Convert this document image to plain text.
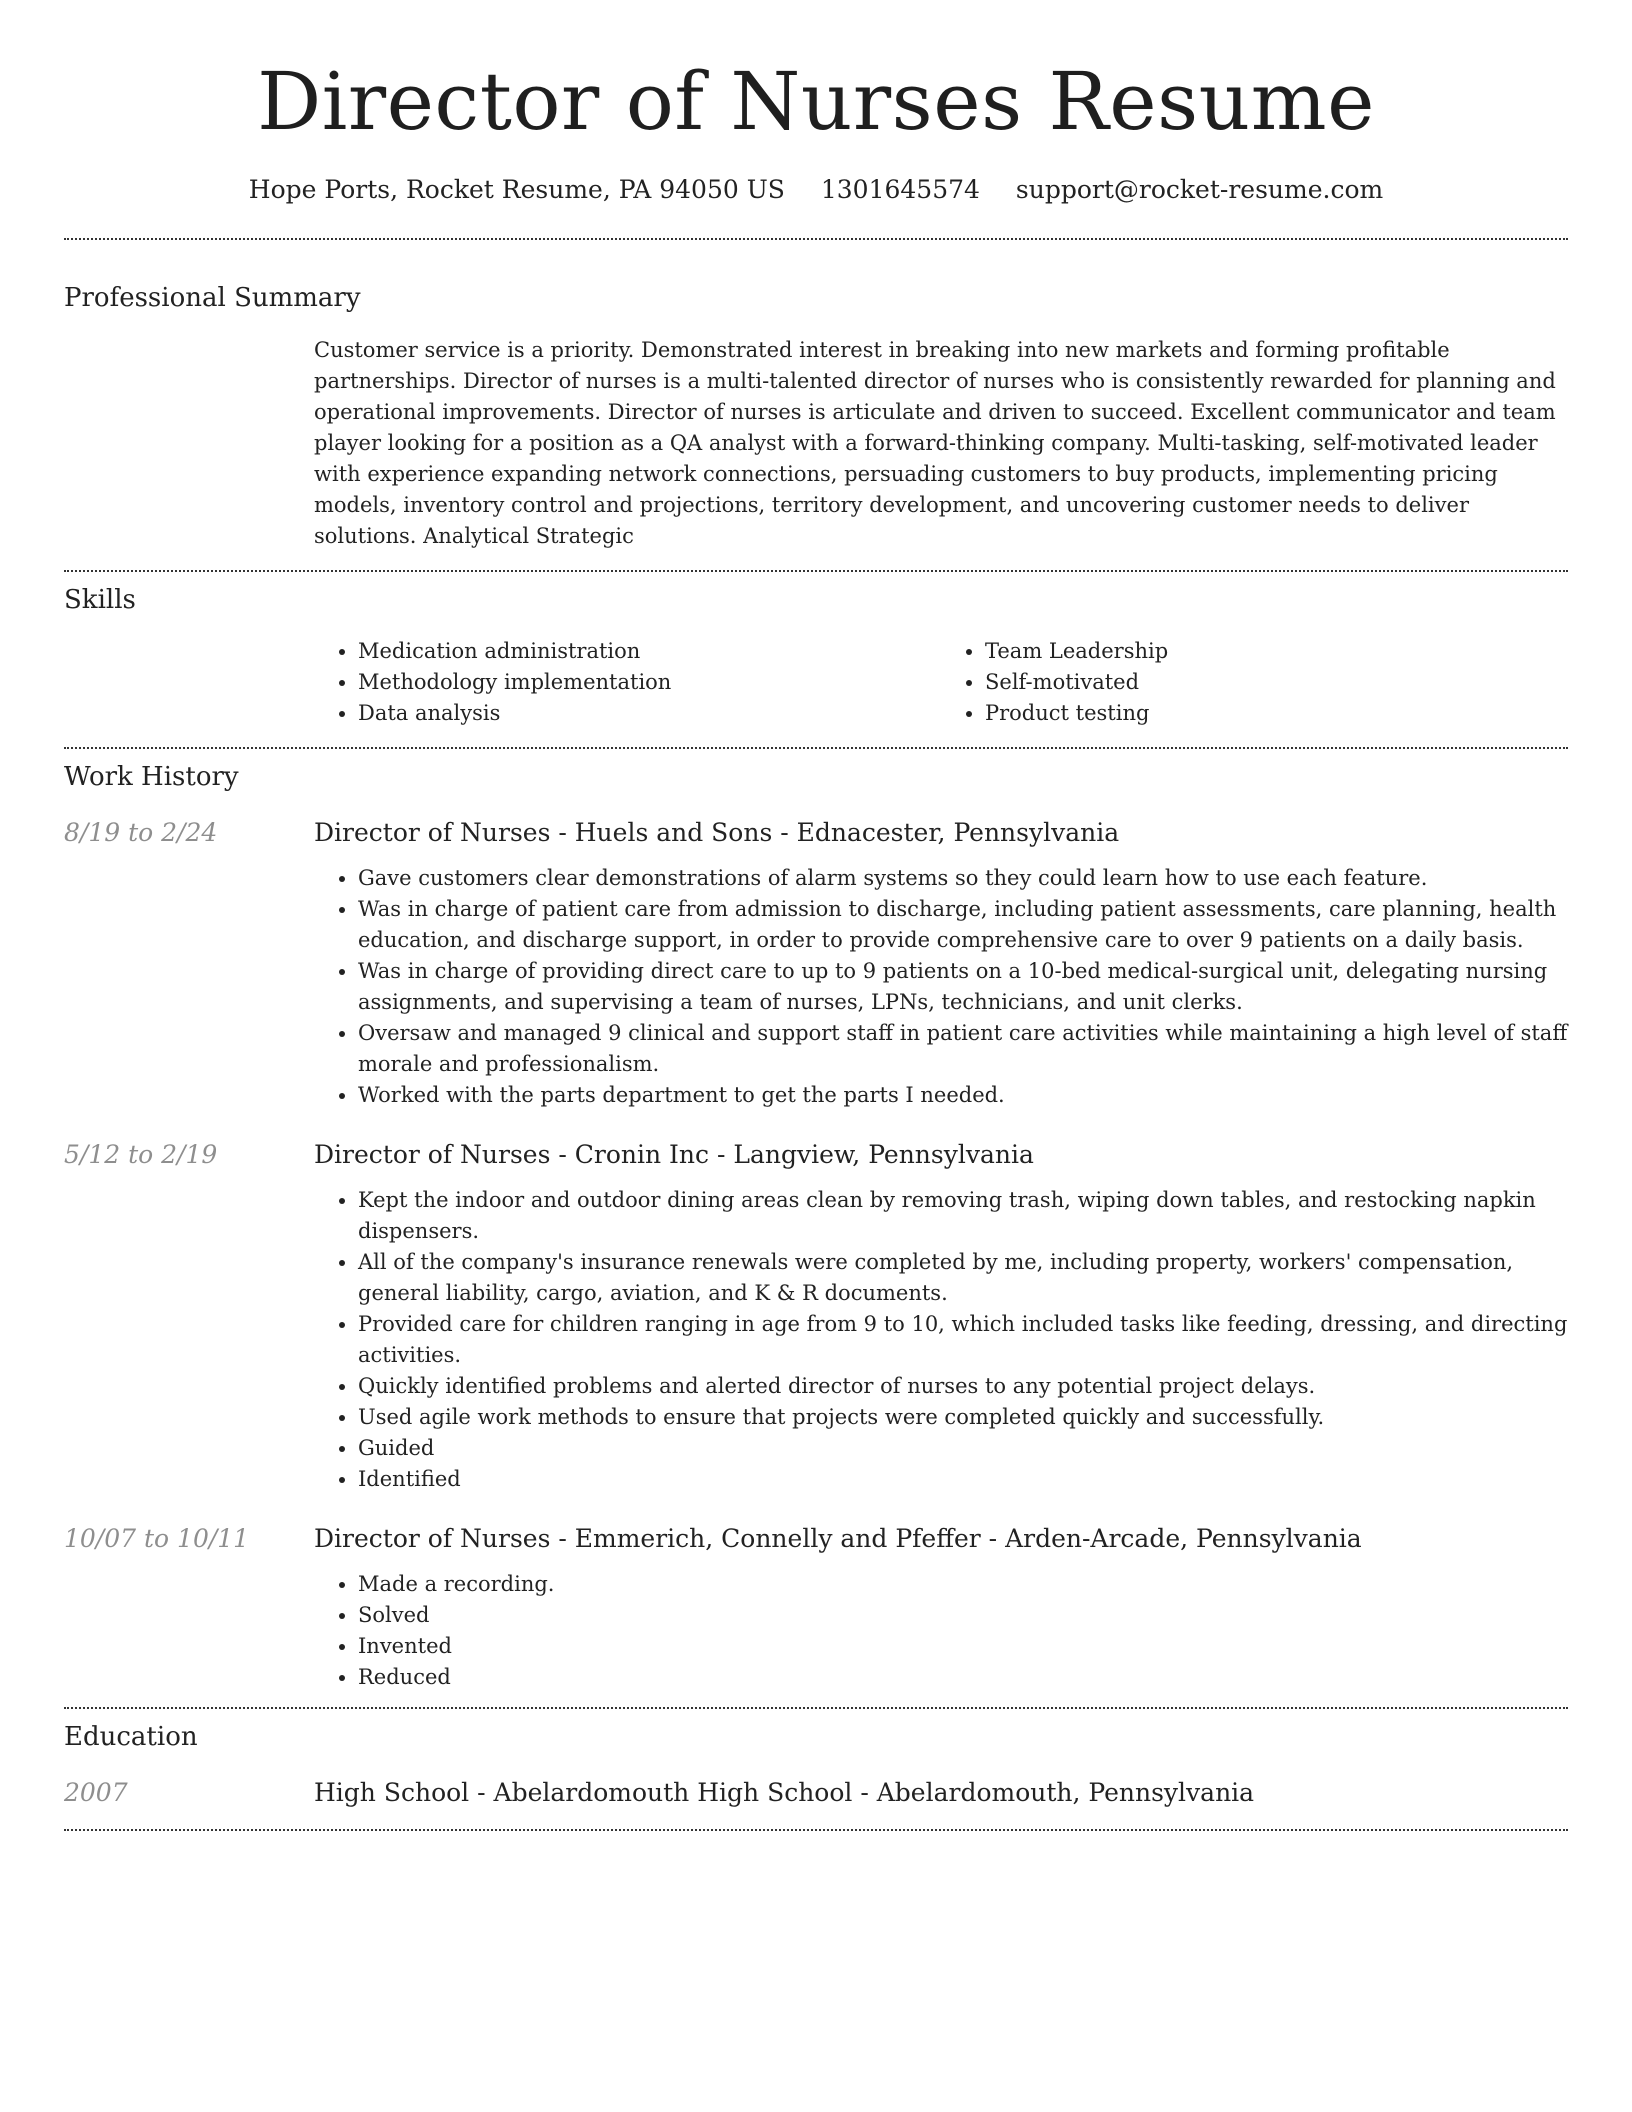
Director of Nurses Resume
Hope Ports, Rocket Resume, PA 94050 US 1301645574 support@rocket-resume.com
Professional Summary

Customer service is a priority. Demonstrated interest in breaking into new markets and forming profitable partnerships. Director of nurses is a multi-talented director of nurses who is consistently rewarded for planning and operational improvements. Director of nurses is articulate and driven to succeed. Excellent communicator and team player looking for a position as a QA analyst with a forward-thinking company. Multi-tasking, self-motivated leader with experience expanding network connections, persuading customers to buy products, implementing pricing models, inventory control and projections, territory development, and uncovering customer needs to deliver solutions. Analytical Strategic

Skills
• Medication administration
• Methodology implementation
• Data analysis
• Team Leadership
• Self-motivated
• Product testing
Work History
8/19 to 2/24	Director of Nurses - Huels and Sons - Ednacester, Pennsylvania
• Gave customers clear demonstrations of alarm systems so they could learn how to use each feature.
• Was in charge of patient care from admission to discharge, including patient assessments, care planning, health education, and discharge support, in order to provide comprehensive care to over 9 patients on a daily basis.
• Was in charge of providing direct care to up to 9 patients on a 10-bed medical-surgical unit, delegating nursing assignments, and supervising a team of nurses, LPNs, technicians, and unit clerks.
• Oversaw and managed 9 clinical and support staff in patient care activities while maintaining a high level of staff morale and professionalism.
• Worked with the parts department to get the parts I needed.
5/12 to 2/19	Director of Nurses - Cronin Inc - Langview, Pennsylvania
• Kept the indoor and outdoor dining areas clean by removing trash, wiping down tables, and restocking napkin dispensers.
• All of the company's insurance renewals were completed by me, including property, workers' compensation, general liability, cargo, aviation, and K & R documents.
• Provided care for children ranging in age from 9 to 10, which included tasks like feeding, dressing, and directing activities.
• Quickly identified problems and alerted director of nurses to any potential project delays.
• Used agile work methods to ensure that projects were completed quickly and successfully.
• Guided
• Identified
10/07 to 10/11	Director of Nurses - Emmerich, Connelly and Pfeffer - Arden-Arcade, Pennsylvania
• Made a recording.
• Solved
• Invented
• Reduced
Education
2007	High School - Abelardomouth High School - Abelardomouth, Pennsylvania
